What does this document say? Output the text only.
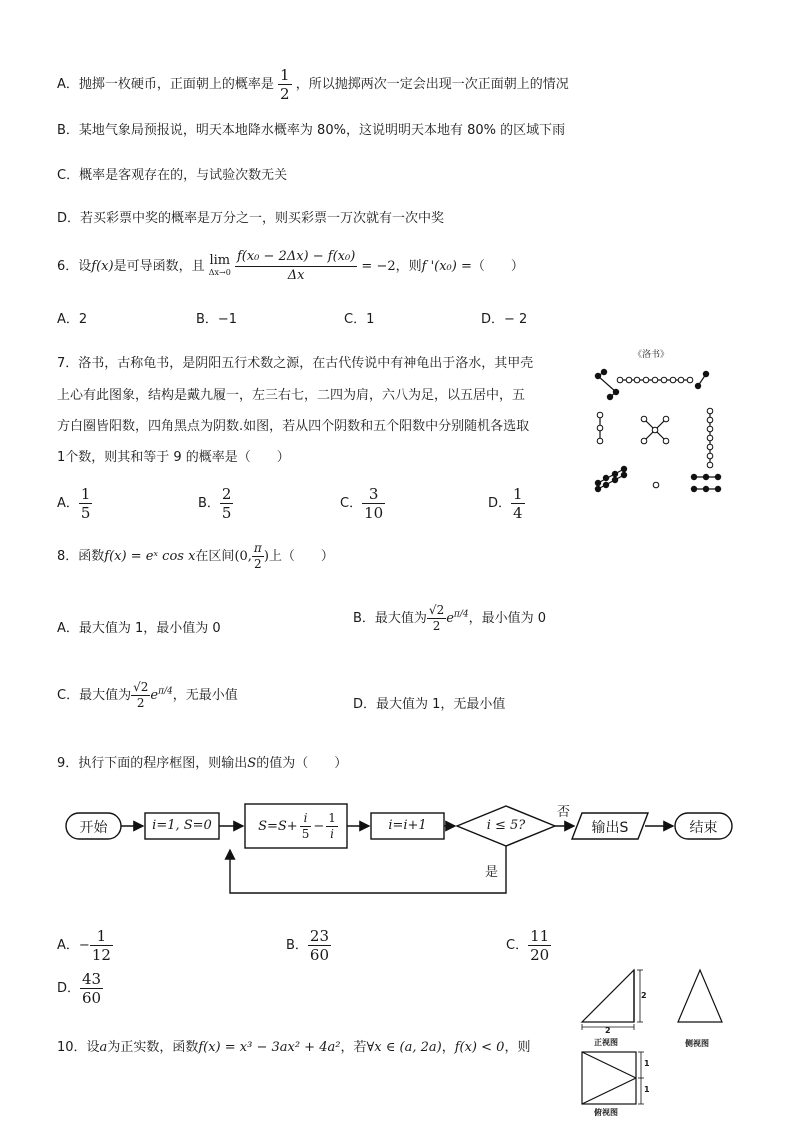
A．抛掷一枚硬币，正面朝上的概率是 $\frac{1}{2}$ ，所以抛掷两次一定会出现一次正面朝上的情况
B．某地气象局预报说，明天本地降水概率为 80%，这说明明天本地有 80% 的区域下雨
C．概率是客观存在的，与试验次数无关
D．若买彩票中奖的概率是万分之一，则买彩票一万次就有一次中奖
6．设f(x)是可导函数，且 lim
Δx→0
$\frac{\text{f(x₀ − 2Δx) − f(x₀)}}{\Delta x} = -2$，则f '(x₀) =（　　）
A．2	B．−1	C．1	D．− 2
7．洛书，古称龟书，是阴阳五行术数之源，在古代传说中有神龟出于洛水，其甲壳
上心有此图象，结构是戴九履一，左三右七，二四为肩，六八为足，以五居中，五
方白圈皆阳数，四角黑点为阴数.如图，若从四个阴数和五个阳数中分别随机各选取
1个数，则其和等于 9 的概率是（　　）
《洛书》
A． $\frac{1}{5}$	B． $\frac{2}{5}$	C． $\frac{3}{10}$	D． $\frac{1}{4}$
8．函数f(x) = eˣ cos x在区间(0, $\frac{\pi}{2}$ )上（　　）
A．最大值为 1，最小值为 0
B．最大值为 $\frac{√2}{2} e^{\pi/4}$，最小值为 0
C．最大值为 $\frac{√2}{2} e^{\pi/4}$，无最小值
D．最大值为 1，无最小值
9．执行下面的程序框图，则输出S的值为（　　）
开始	i=1, S=0	$S=S+ \frac{i}{5} - \frac{1}{i}$	i=i+1	i ≤ 5?
否
是
输出S	结束
A．− $\frac{1}{12}$	B． $\frac{23}{60}$	C． $\frac{11}{20}$
D． $\frac{43}{60}$
10．设a为正实数，函数f(x) = x³ − 3ax² + 4a²，若∀x ∈ (a, 2a)，f(x) < 0，则
2
2
正视图	侧视图
1
1
俯视图
